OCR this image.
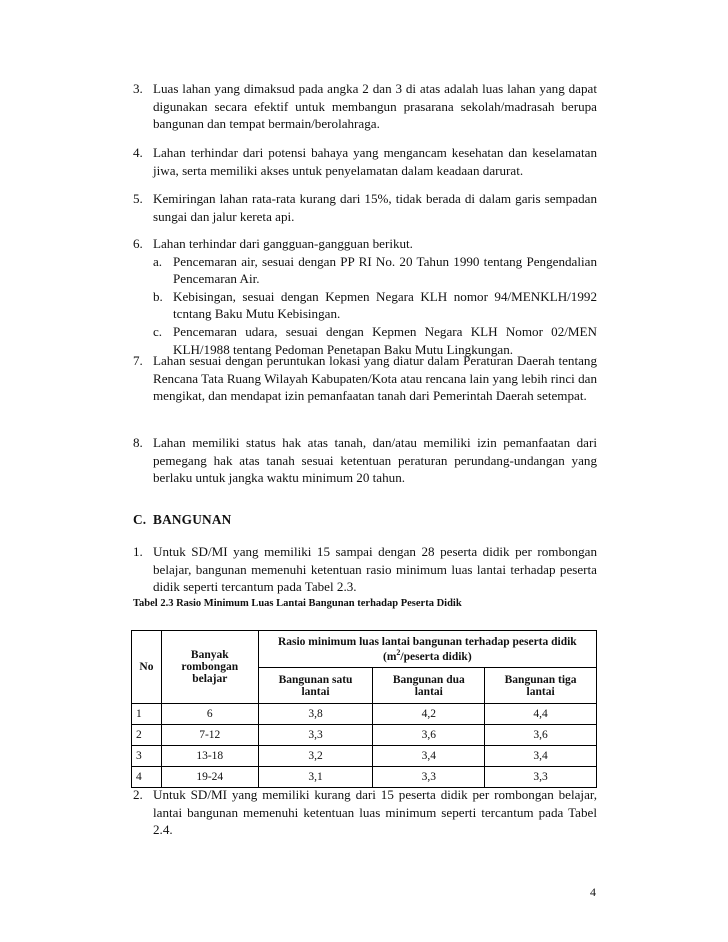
3. Luas lahan yang dimaksud pada angka 2 dan 3 di atas adalah luas lahan yang dapat digunakan secara efektif untuk membangun prasarana sekolah/madrasah berupa bangunan dan tempat bermain/berolahraga.
4. Lahan terhindar dari potensi bahaya yang mengancam kesehatan dan keselamatan jiwa, serta memiliki akses untuk penyelamatan dalam keadaan darurat.
5. Kemiringan lahan rata-rata kurang dari 15%, tidak berada di dalam garis sempadan sungai dan jalur kereta api.
6. Lahan terhindar dari gangguan-gangguan berikut.
a. Pencemaran air, sesuai dengan PP RI No. 20 Tahun 1990 tentang Pengendalian Pencemaran Air.
b. Kebisingan, sesuai dengan Kepmen Negara KLH nomor 94/MENKLH/1992 tcntang Baku Mutu Kebisingan.
c. Pencemaran udara, sesuai dengan Kepmen Negara KLH Nomor 02/MEN KLH/1988 tentang Pedoman Penetapan Baku Mutu Lingkungan.
7. Lahan sesuai dengan peruntukan lokasi yang diatur dalam Peraturan Daerah tentang Rencana Tata Ruang Wilayah Kabupaten/Kota atau rencana lain yang lebih rinci dan mengikat, dan mendapat izin pemanfaatan tanah dari Pemerintah Daerah setempat.
8. Lahan memiliki status hak atas tanah, dan/atau memiliki izin pemanfaatan dari pemegang hak atas tanah sesuai ketentuan peraturan perundang-undangan yang berlaku untuk jangka waktu minimum 20 tahun.
C. BANGUNAN
1. Untuk SD/MI yang memiliki 15 sampai dengan 28 peserta didik per rombongan belajar, bangunan memenuhi ketentuan rasio minimum luas lantai terhadap peserta didik seperti tercantum pada Tabel 2.3.
Tabel 2.3 Rasio Minimum Luas Lantai Bangunan terhadap Peserta Didik
No	Banyak rombongan belajar	Rasio minimum luas lantai bangunan terhadap peserta didik
($m^2$/peserta didik)		
		Bangunan satu lantai	Bangunan dua lantai	Bangunan tiga lantai
1	6	3,8	4,2	4,4
2	7-12	3,3	3,6	3,6
3	13-18	3,2	3,4	3,4
4	19-24	3,1	3,3	3,3
2. Untuk SD/MI yang memiliki kurang dari 15 peserta didik per rombongan belajar, lantai bangunan memenuhi ketentuan luas minimum seperti tercantum pada Tabel 2.4.
4
